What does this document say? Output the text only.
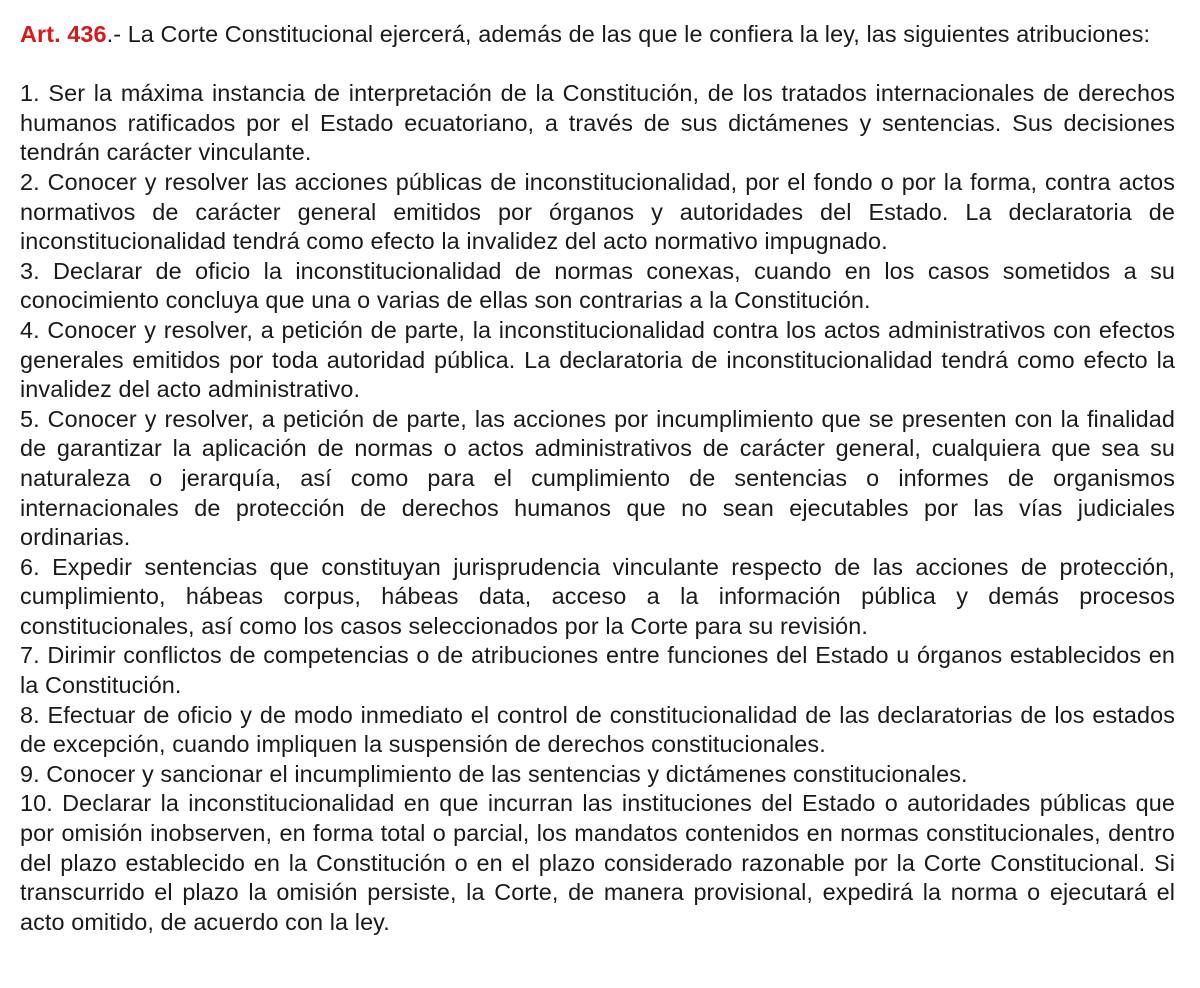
Art. 436.- La Corte Constitucional ejercerá, además de las que le confiera la ley, las siguientes atribuciones:

1. Ser la máxima instancia de interpretación de la Constitución, de los tratados internacionales de derechos humanos ratificados por el Estado ecuatoriano, a través de sus dictámenes y sentencias. Sus decisiones tendrán carácter vinculante.

2. Conocer y resolver las acciones públicas de inconstitucionalidad, por el fondo o por la forma, contra actos normativos de carácter general emitidos por órganos y autoridades del Estado. La declaratoria de inconstitucionalidad tendrá como efecto la invalidez del acto normativo impugnado.

3. Declarar de oficio la inconstitucionalidad de normas conexas, cuando en los casos sometidos a su conocimiento concluya que una o varias de ellas son contrarias a la Constitución.

4. Conocer y resolver, a petición de parte, la inconstitucionalidad contra los actos administrativos con efectos generales emitidos por toda autoridad pública. La declaratoria de inconstitucionalidad tendrá como efecto la invalidez del acto administrativo.

5. Conocer y resolver, a petición de parte, las acciones por incumplimiento que se presenten con la finalidad de garantizar la aplicación de normas o actos administrativos de carácter general, cualquiera que sea su naturaleza o jerarquía, así como para el cumplimiento de sentencias o informes de organismos internacionales de protección de derechos humanos que no sean ejecutables por las vías judiciales ordinarias.

6. Expedir sentencias que constituyan jurisprudencia vinculante respecto de las acciones de protección, cumplimiento, hábeas corpus, hábeas data, acceso a la información pública y demás procesos constitucionales, así como los casos seleccionados por la Corte para su revisión.

7. Dirimir conflictos de competencias o de atribuciones entre funciones del Estado u órganos establecidos en la Constitución.

8. Efectuar de oficio y de modo inmediato el control de constitucionalidad de las declaratorias de los estados de excepción, cuando impliquen la suspensión de derechos constitucionales.

9. Conocer y sancionar el incumplimiento de las sentencias y dictámenes constitucionales.

10. Declarar la inconstitucionalidad en que incurran las instituciones del Estado o autoridades públicas que por omisión inobserven, en forma total o parcial, los mandatos contenidos en normas constitucionales, dentro del plazo establecido en la Constitución o en el plazo considerado razonable por la Corte Constitucional. Si transcurrido el plazo la omisión persiste, la Corte, de manera provisional, expedirá la norma o ejecutará el acto omitido, de acuerdo con la ley.
